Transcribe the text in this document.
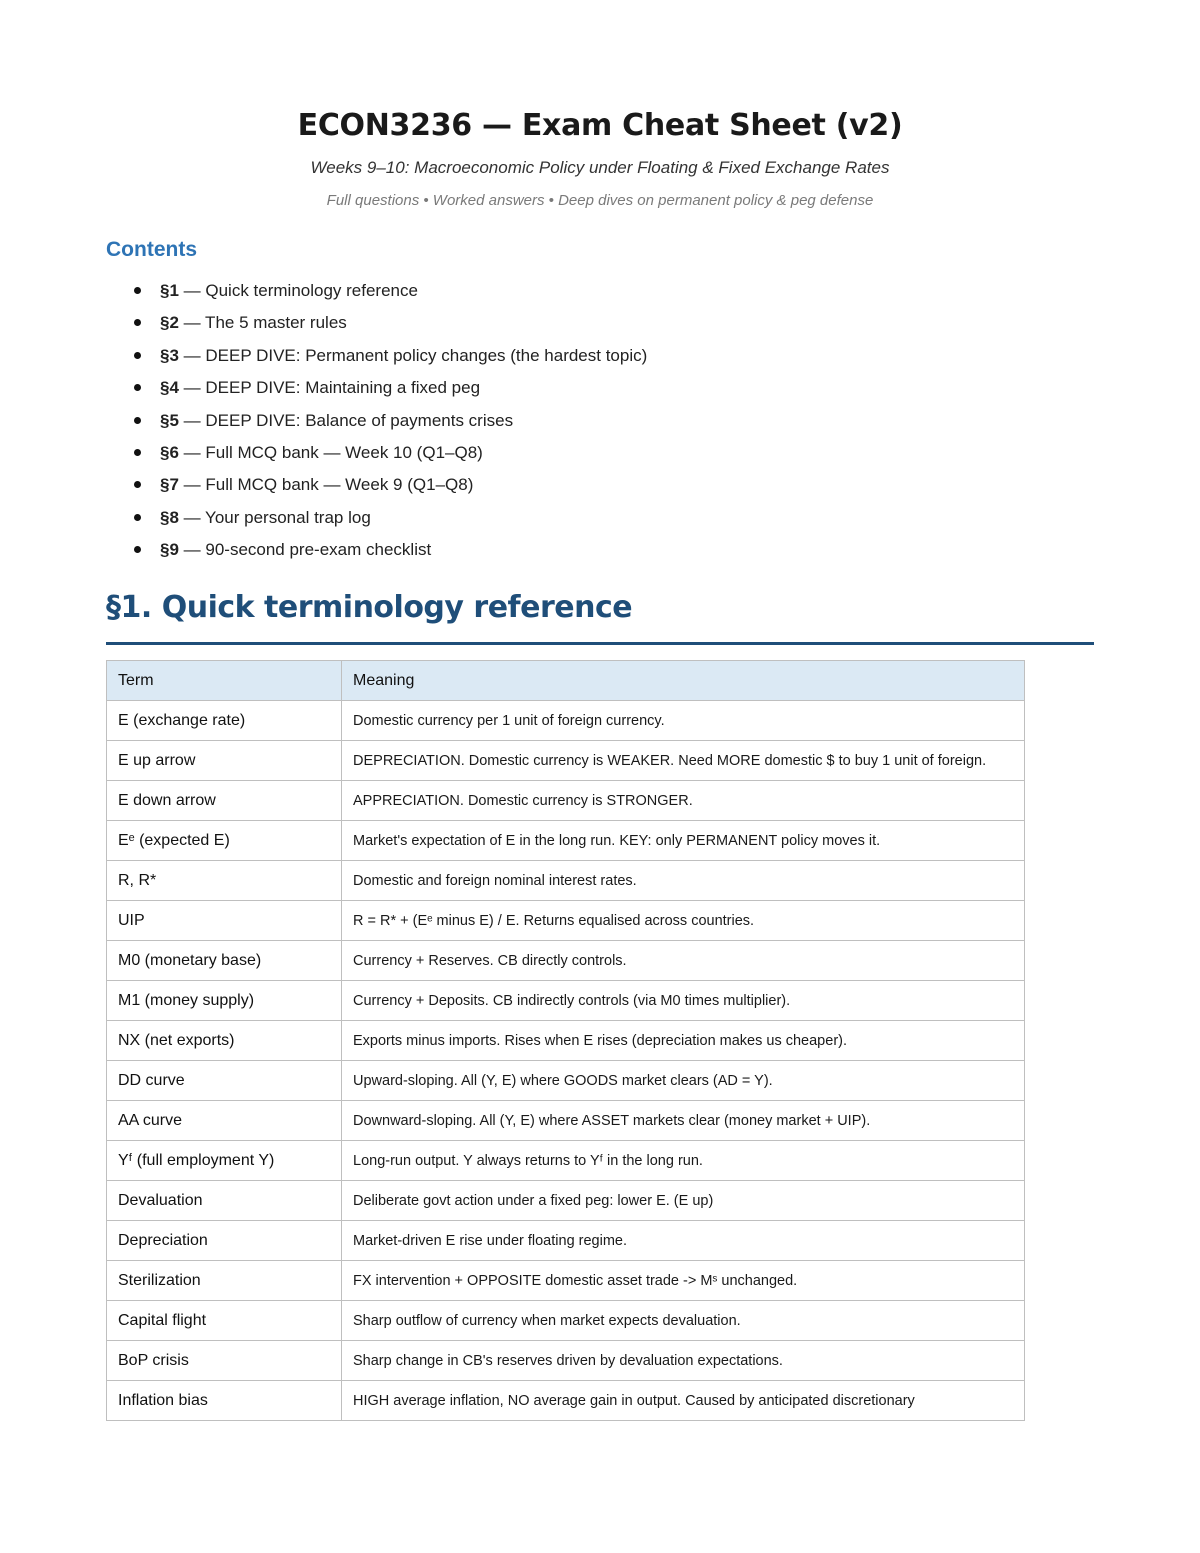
ECON3236 — Exam Cheat Sheet (v2)
Weeks 9–10: Macroeconomic Policy under Floating & Fixed Exchange Rates
Full questions • Worked answers • Deep dives on permanent policy & peg defense
Contents
§1 — Quick terminology reference
§2 — The 5 master rules
§3 — DEEP DIVE: Permanent policy changes (the hardest topic)
§4 — DEEP DIVE: Maintaining a fixed peg
§5 — DEEP DIVE: Balance of payments crises
§6 — Full MCQ bank — Week 10 (Q1–Q8)
§7 — Full MCQ bank — Week 9 (Q1–Q8)
§8 — Your personal trap log
§9 — 90-second pre-exam checklist
§1. Quick terminology reference
Term	Meaning
E (exchange rate)	Domestic currency per 1 unit of foreign currency.
E up arrow	DEPRECIATION. Domestic currency is WEAKER. Need MORE domestic $ to buy 1 unit of foreign.
E down arrow	APPRECIATION. Domestic currency is STRONGER.
Eᵉ (expected E)	Market's expectation of E in the long run. KEY: only PERMANENT policy moves it.
R, R*	Domestic and foreign nominal interest rates.
UIP	R = R* + (Eᵉ minus E) / E. Returns equalised across countries.
M0 (monetary base)	Currency + Reserves. CB directly controls.
M1 (money supply)	Currency + Deposits. CB indirectly controls (via M0 times multiplier).
NX (net exports)	Exports minus imports. Rises when E rises (depreciation makes us cheaper).
DD curve	Upward-sloping. All (Y, E) where GOODS market clears (AD = Y).
AA curve	Downward-sloping. All (Y, E) where ASSET markets clear (money market + UIP).
Yᶠ (full employment Y)	Long-run output. Y always returns to Yᶠ in the long run.
Devaluation	Deliberate govt action under a fixed peg: lower E. (E up)
Depreciation	Market-driven E rise under floating regime.
Sterilization	FX intervention + OPPOSITE domestic asset trade -> Mˢ unchanged.
Capital flight	Sharp outflow of currency when market expects devaluation.
BoP crisis	Sharp change in CB's reserves driven by devaluation expectations.
Inflation bias	HIGH average inflation, NO average gain in output. Caused by anticipated discretionary
